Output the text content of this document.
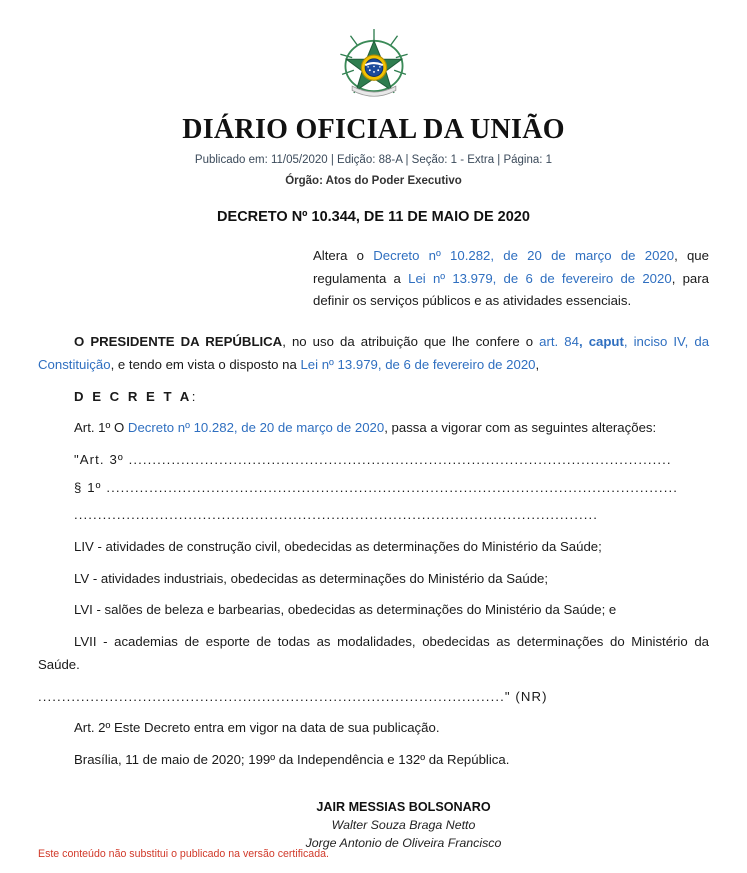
DIÁRIO OFICIAL DA UNIÃO
Publicado em: 11/05/2020 | Edição: 88-A | Seção: 1 - Extra | Página: 1
Órgão: Atos do Poder Executivo
DECRETO Nº 10.344, DE 11 DE MAIO DE 2020
Altera o Decreto nº 10.282, de 20 de março de 2020, que regulamenta a Lei nº 13.979, de 6 de fevereiro de 2020, para definir os serviços públicos e as atividades essenciais.

O PRESIDENTE DA REPÚBLICA, no uso da atribuição que lhe confere o art. 84, caput, inciso IV, da Constituição, e tendo em vista o disposto na Lei nº 13.979, de 6 de fevereiro de 2020,

D E C R E T A:

Art. 1º O Decreto nº 10.282, de 20 de março de 2020, passa a vigorar com as seguintes alterações:

"Art. 3º ..................................................................................................................

§ 1º ........................................................................................................................

..............................................................................................................

LIV - atividades de construção civil, obedecidas as determinações do Ministério da Saúde;

LV - atividades industriais, obedecidas as determinações do Ministério da Saúde;

LVI - salões de beleza e barbearias, obedecidas as determinações do Ministério da Saúde; e

LVII - academias de esporte de todas as modalidades, obedecidas as determinações do Ministério da Saúde.

.................................................................................................." (NR)

Art. 2º Este Decreto entra em vigor na data de sua publicação.

Brasília, 11 de maio de 2020; 199º da Independência e 132º da República.

JAIR MESSIAS BOLSONARO
Walter Souza Braga Netto
Jorge Antonio de Oliveira Francisco
Este conteúdo não substitui o publicado na versão certificada.
